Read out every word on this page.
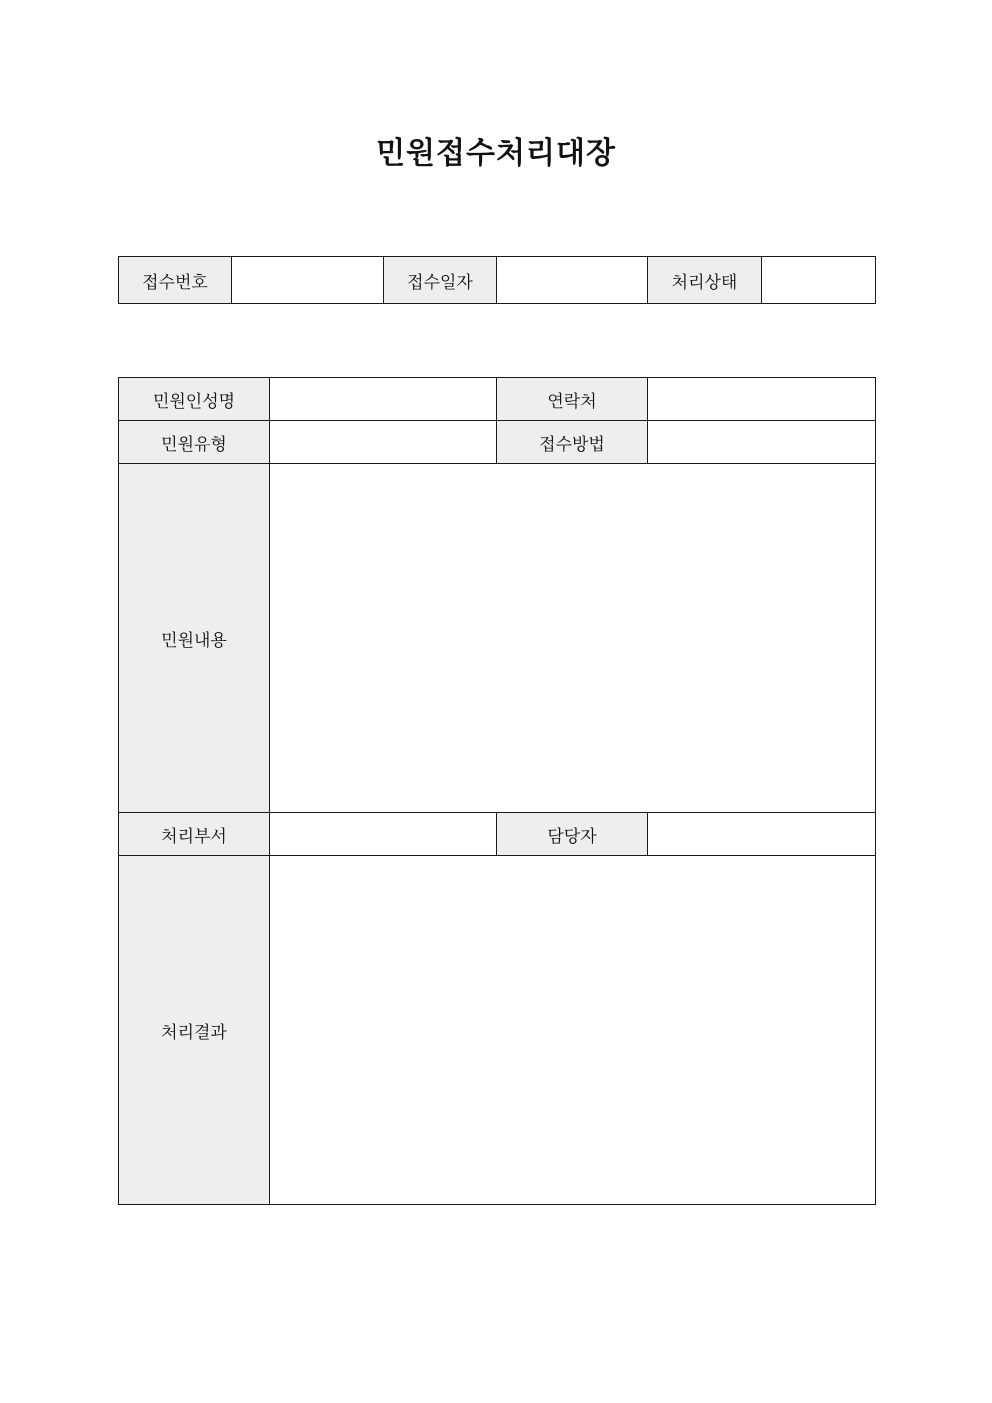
민원접수처리대장
접수번호		접수일자		처리상태	
민원인성명		연락처	
민원유형		접수방법	
민원내용			
처리부서		담당자	
처리결과			
